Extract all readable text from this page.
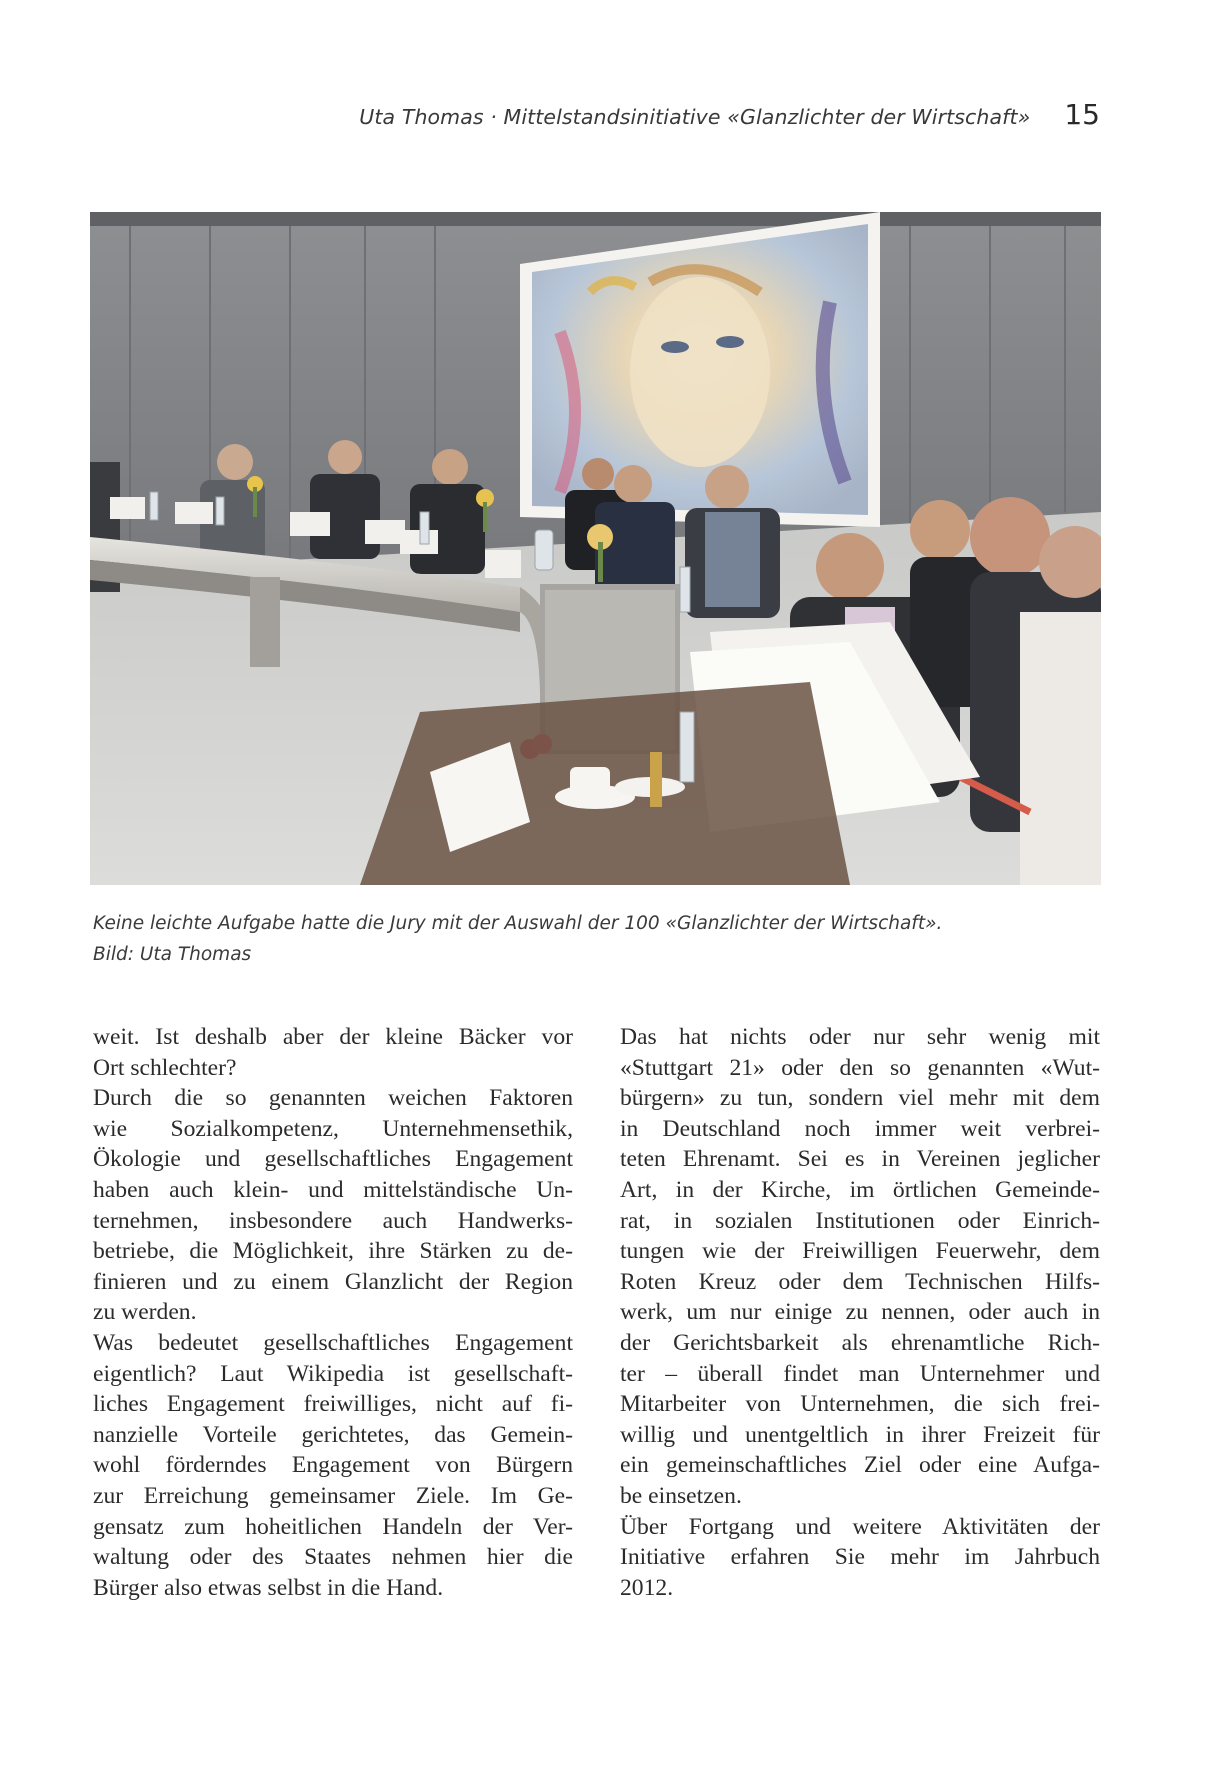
Uta Thomas · Mittelstandsinitiative «Glanzlichter der Wirtschaft» 15
Keine leichte Aufgabe hatte die Jury mit der Auswahl der 100 «Glanzlichter der Wirtschaft».
Bild: Uta Thomas
weit. Ist deshalb aber der kleine Bäcker vor
Ort schlechter?
Durch die so genannten weichen Faktoren
wie Sozialkompetenz, Unternehmensethik,
Ökologie und gesellschaftliches Engagement
haben auch klein- und mittelständische Un-
ternehmen, insbesondere auch Handwerks-
betriebe, die Möglichkeit, ihre Stärken zu de-
finieren und zu einem Glanzlicht der Region
zu werden.
Was bedeutet gesellschaftliches Engagement
eigentlich? Laut Wikipedia ist gesellschaft-
liches Engagement freiwilliges, nicht auf fi-
nanzielle Vorteile gerichtetes, das Gemein-
wohl förderndes Engagement von Bürgern
zur Erreichung gemeinsamer Ziele. Im Ge-
gensatz zum hoheitlichen Handeln der Ver-
waltung oder des Staates nehmen hier die
Bürger also etwas selbst in die Hand.
Das hat nichts oder nur sehr wenig mit
«Stuttgart 21» oder den so genannten «Wut-
bürgern» zu tun, sondern viel mehr mit dem
in Deutschland noch immer weit verbrei-
teten Ehrenamt. Sei es in Vereinen jeglicher
Art, in der Kirche, im örtlichen Gemeinde-
rat, in sozialen Institutionen oder Einrich-
tungen wie der Freiwilligen Feuerwehr, dem
Roten Kreuz oder dem Technischen Hilfs-
werk, um nur einige zu nennen, oder auch in
der Gerichtsbarkeit als ehrenamtliche Rich-
ter – überall findet man Unternehmer und
Mitarbeiter von Unternehmen, die sich frei-
willig und unentgeltlich in ihrer Freizeit für
ein gemeinschaftliches Ziel oder eine Aufga-
be einsetzen.
Über Fortgang und weitere Aktivitäten der
Initiative erfahren Sie mehr im Jahrbuch
2012.
